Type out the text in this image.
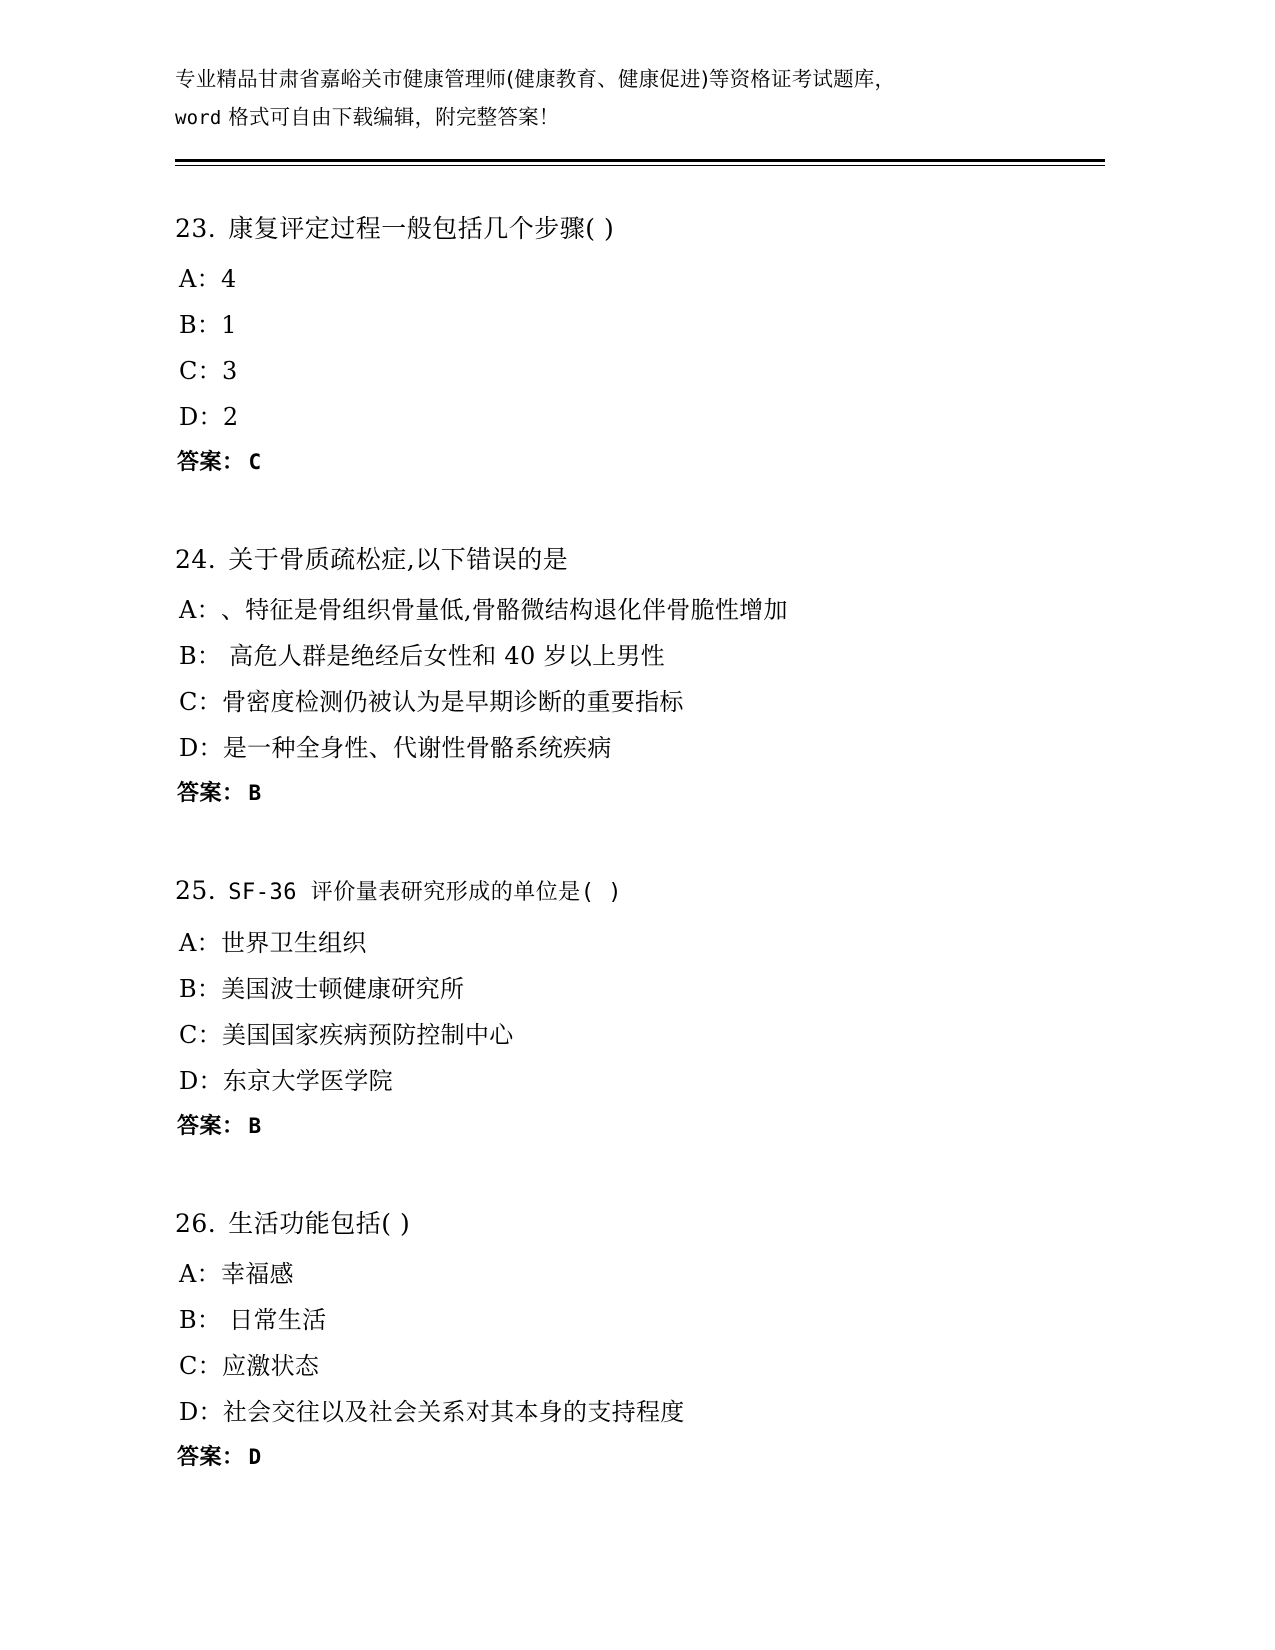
专业精品甘肃省嘉峪关市健康管理师(健康教育、健康促进)等资格证考试题库，
word 格式可自由下载编辑，附完整答案！
23. 康复评定过程一般包括几个步骤( )
A：4
B：1
C：3
D：2
答案： C
24. 关于骨质疏松症,以下错误的是
A：、特征是骨组织骨量低,骨骼微结构退化伴骨脆性增加
B： 高危人群是绝经后女性和 40 岁以上男性
C：骨密度检测仍被认为是早期诊断的重要指标
D：是一种全身性、代谢性骨骼系统疾病
答案： B
25. SF-36 评价量表研究形成的单位是( )
A：世界卫生组织
B：美国波士顿健康研究所
C：美国国家疾病预防控制中心
D：东京大学医学院
答案： B
26. 生活功能包括( )
A：幸福感
B： 日常生活
C：应激状态
D：社会交往以及社会关系对其本身的支持程度
答案： D
